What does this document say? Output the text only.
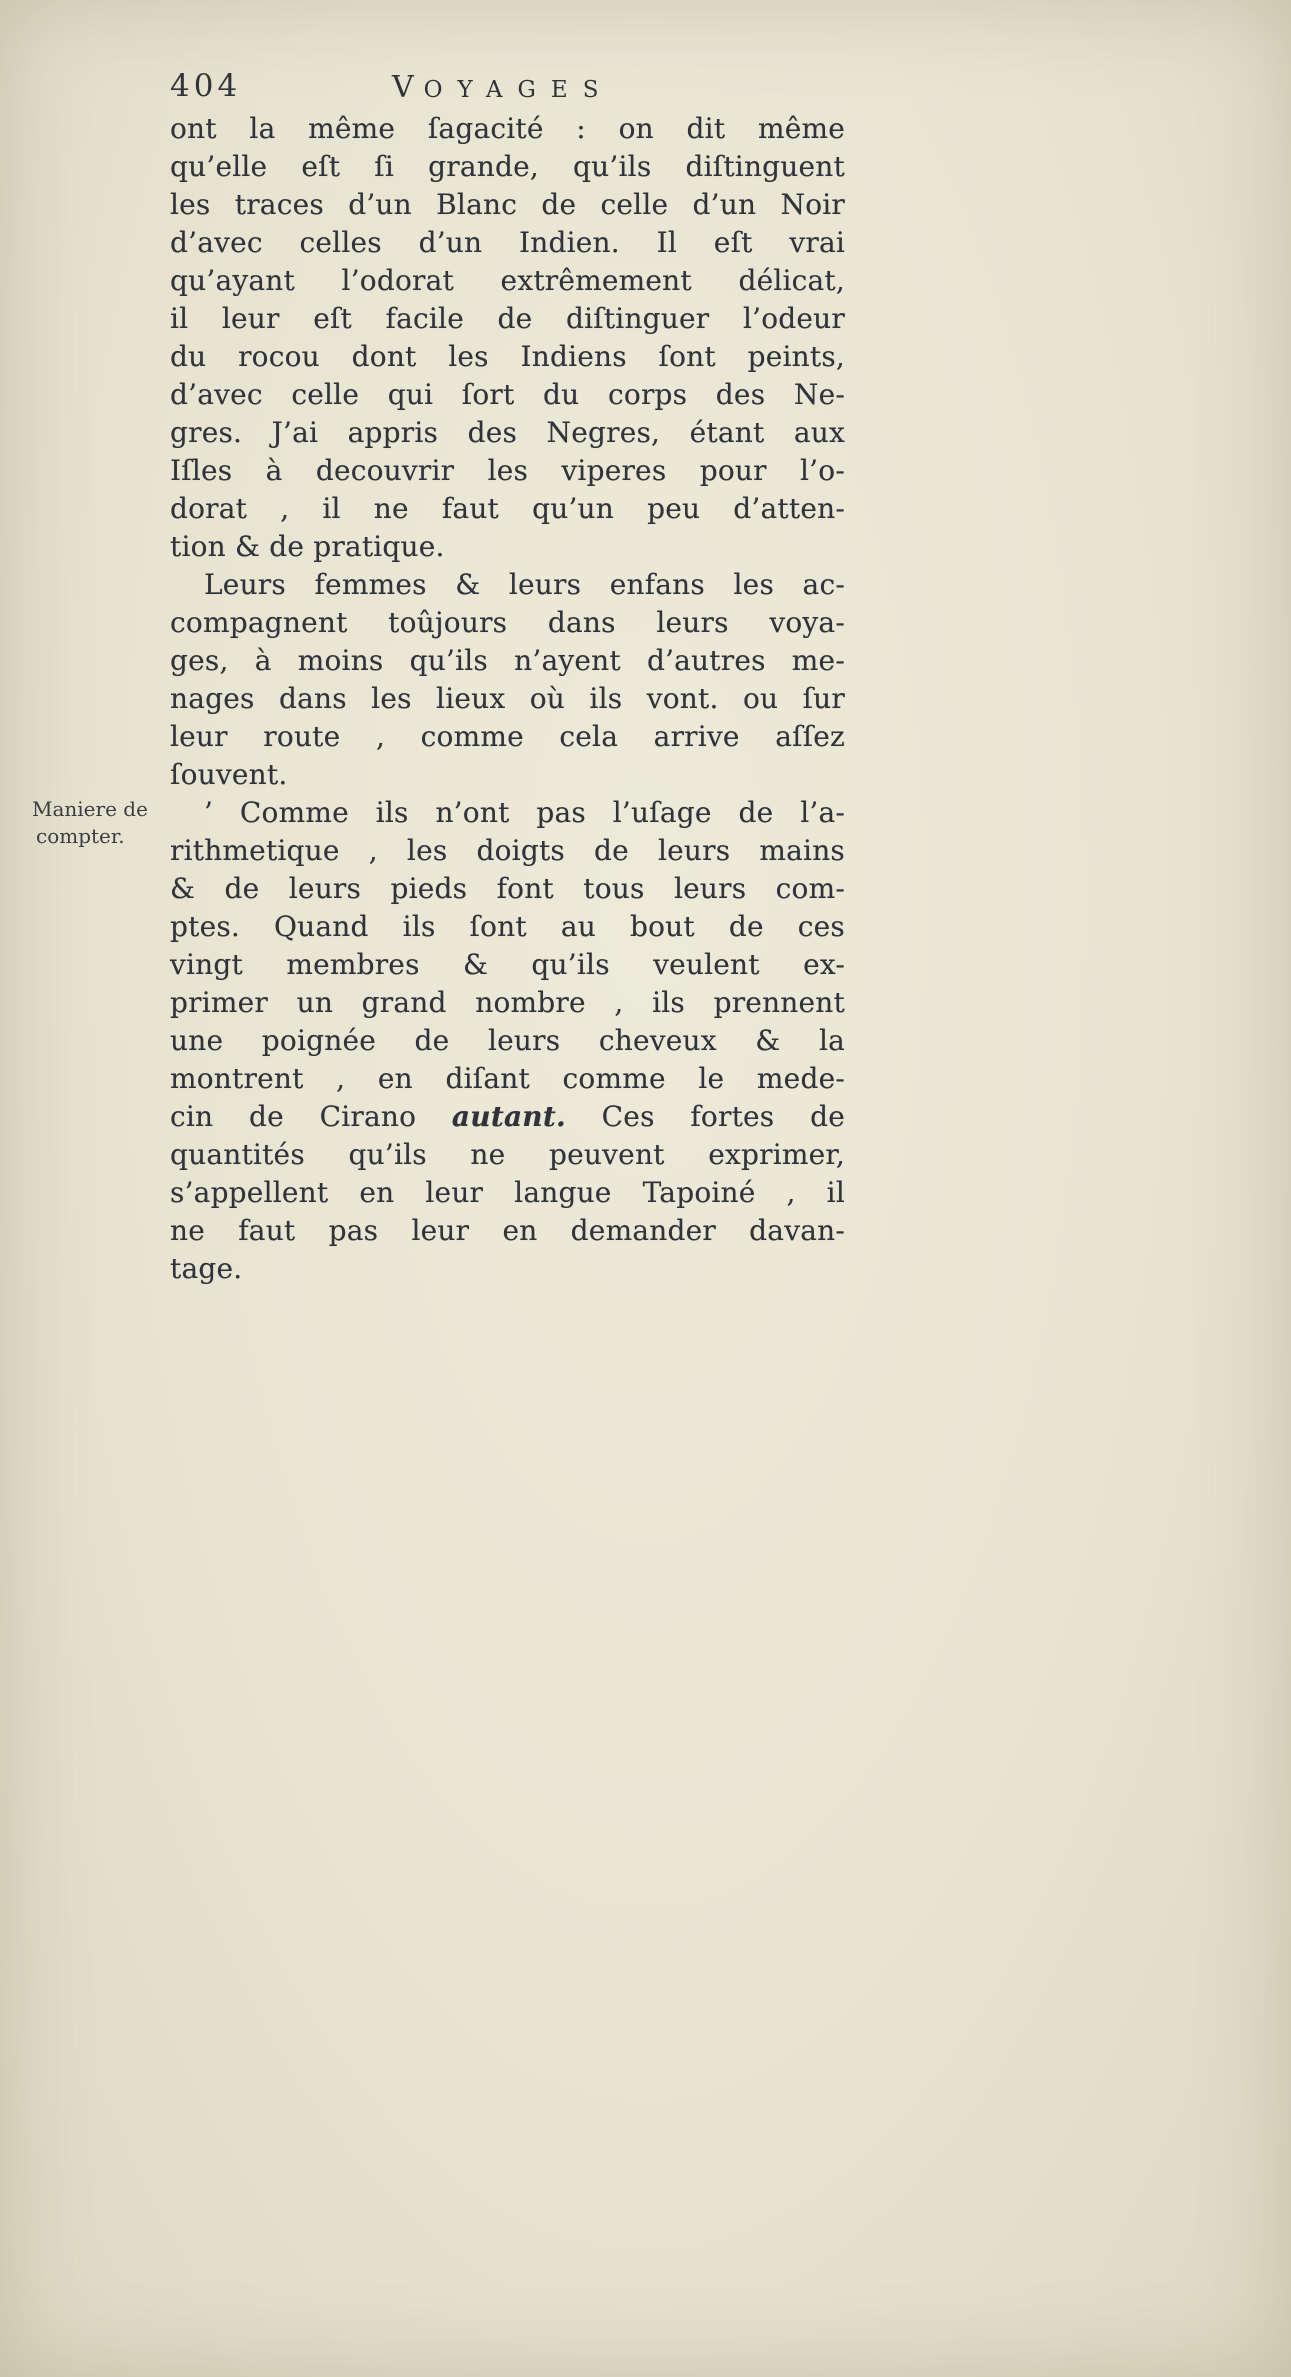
404	VOYAGES
Maniere de
compter.
ont la même ſagacité : on dit même
qu’elle eſt ſi grande, qu’ils diſtinguent
les traces d’un Blanc de celle d’un Noir
d’avec celles d’un Indien. Il eſt vrai
qu’ayant l’odorat extrêmement délicat,
il leur eſt facile de diſtinguer l’odeur
du rocou dont les Indiens ſont peints,
d’avec celle qui ſort du corps des Ne-
gres. J’ai appris des Negres, étant aux
Iſles à decouvrir les viperes pour l’o-
dorat , il ne faut qu’un peu d’atten-
tion & de pratique.
Leurs femmes & leurs enfans les ac-
compagnent toûjours dans leurs voya-
ges, à moins qu’ils n’ayent d’autres me-
nages dans les lieux où ils vont. ou ſur
leur route , comme cela arrive aſſez
ſouvent.
’ Comme ils n’ont pas l’uſage de l’a-
rithmetique , les doigts de leurs mains
& de leurs pieds font tous leurs com-
ptes. Quand ils ſont au bout de ces
vingt membres & qu’ils veulent ex-
primer un grand nombre , ils prennent
une poignée de leurs cheveux & la
montrent , en diſant comme le mede-
cin de Cirano autant. Ces fortes de
quantités qu’ils ne peuvent exprimer,
s’appellent en leur langue Tapoiné , il
ne faut pas leur en demander davan-
tage.
